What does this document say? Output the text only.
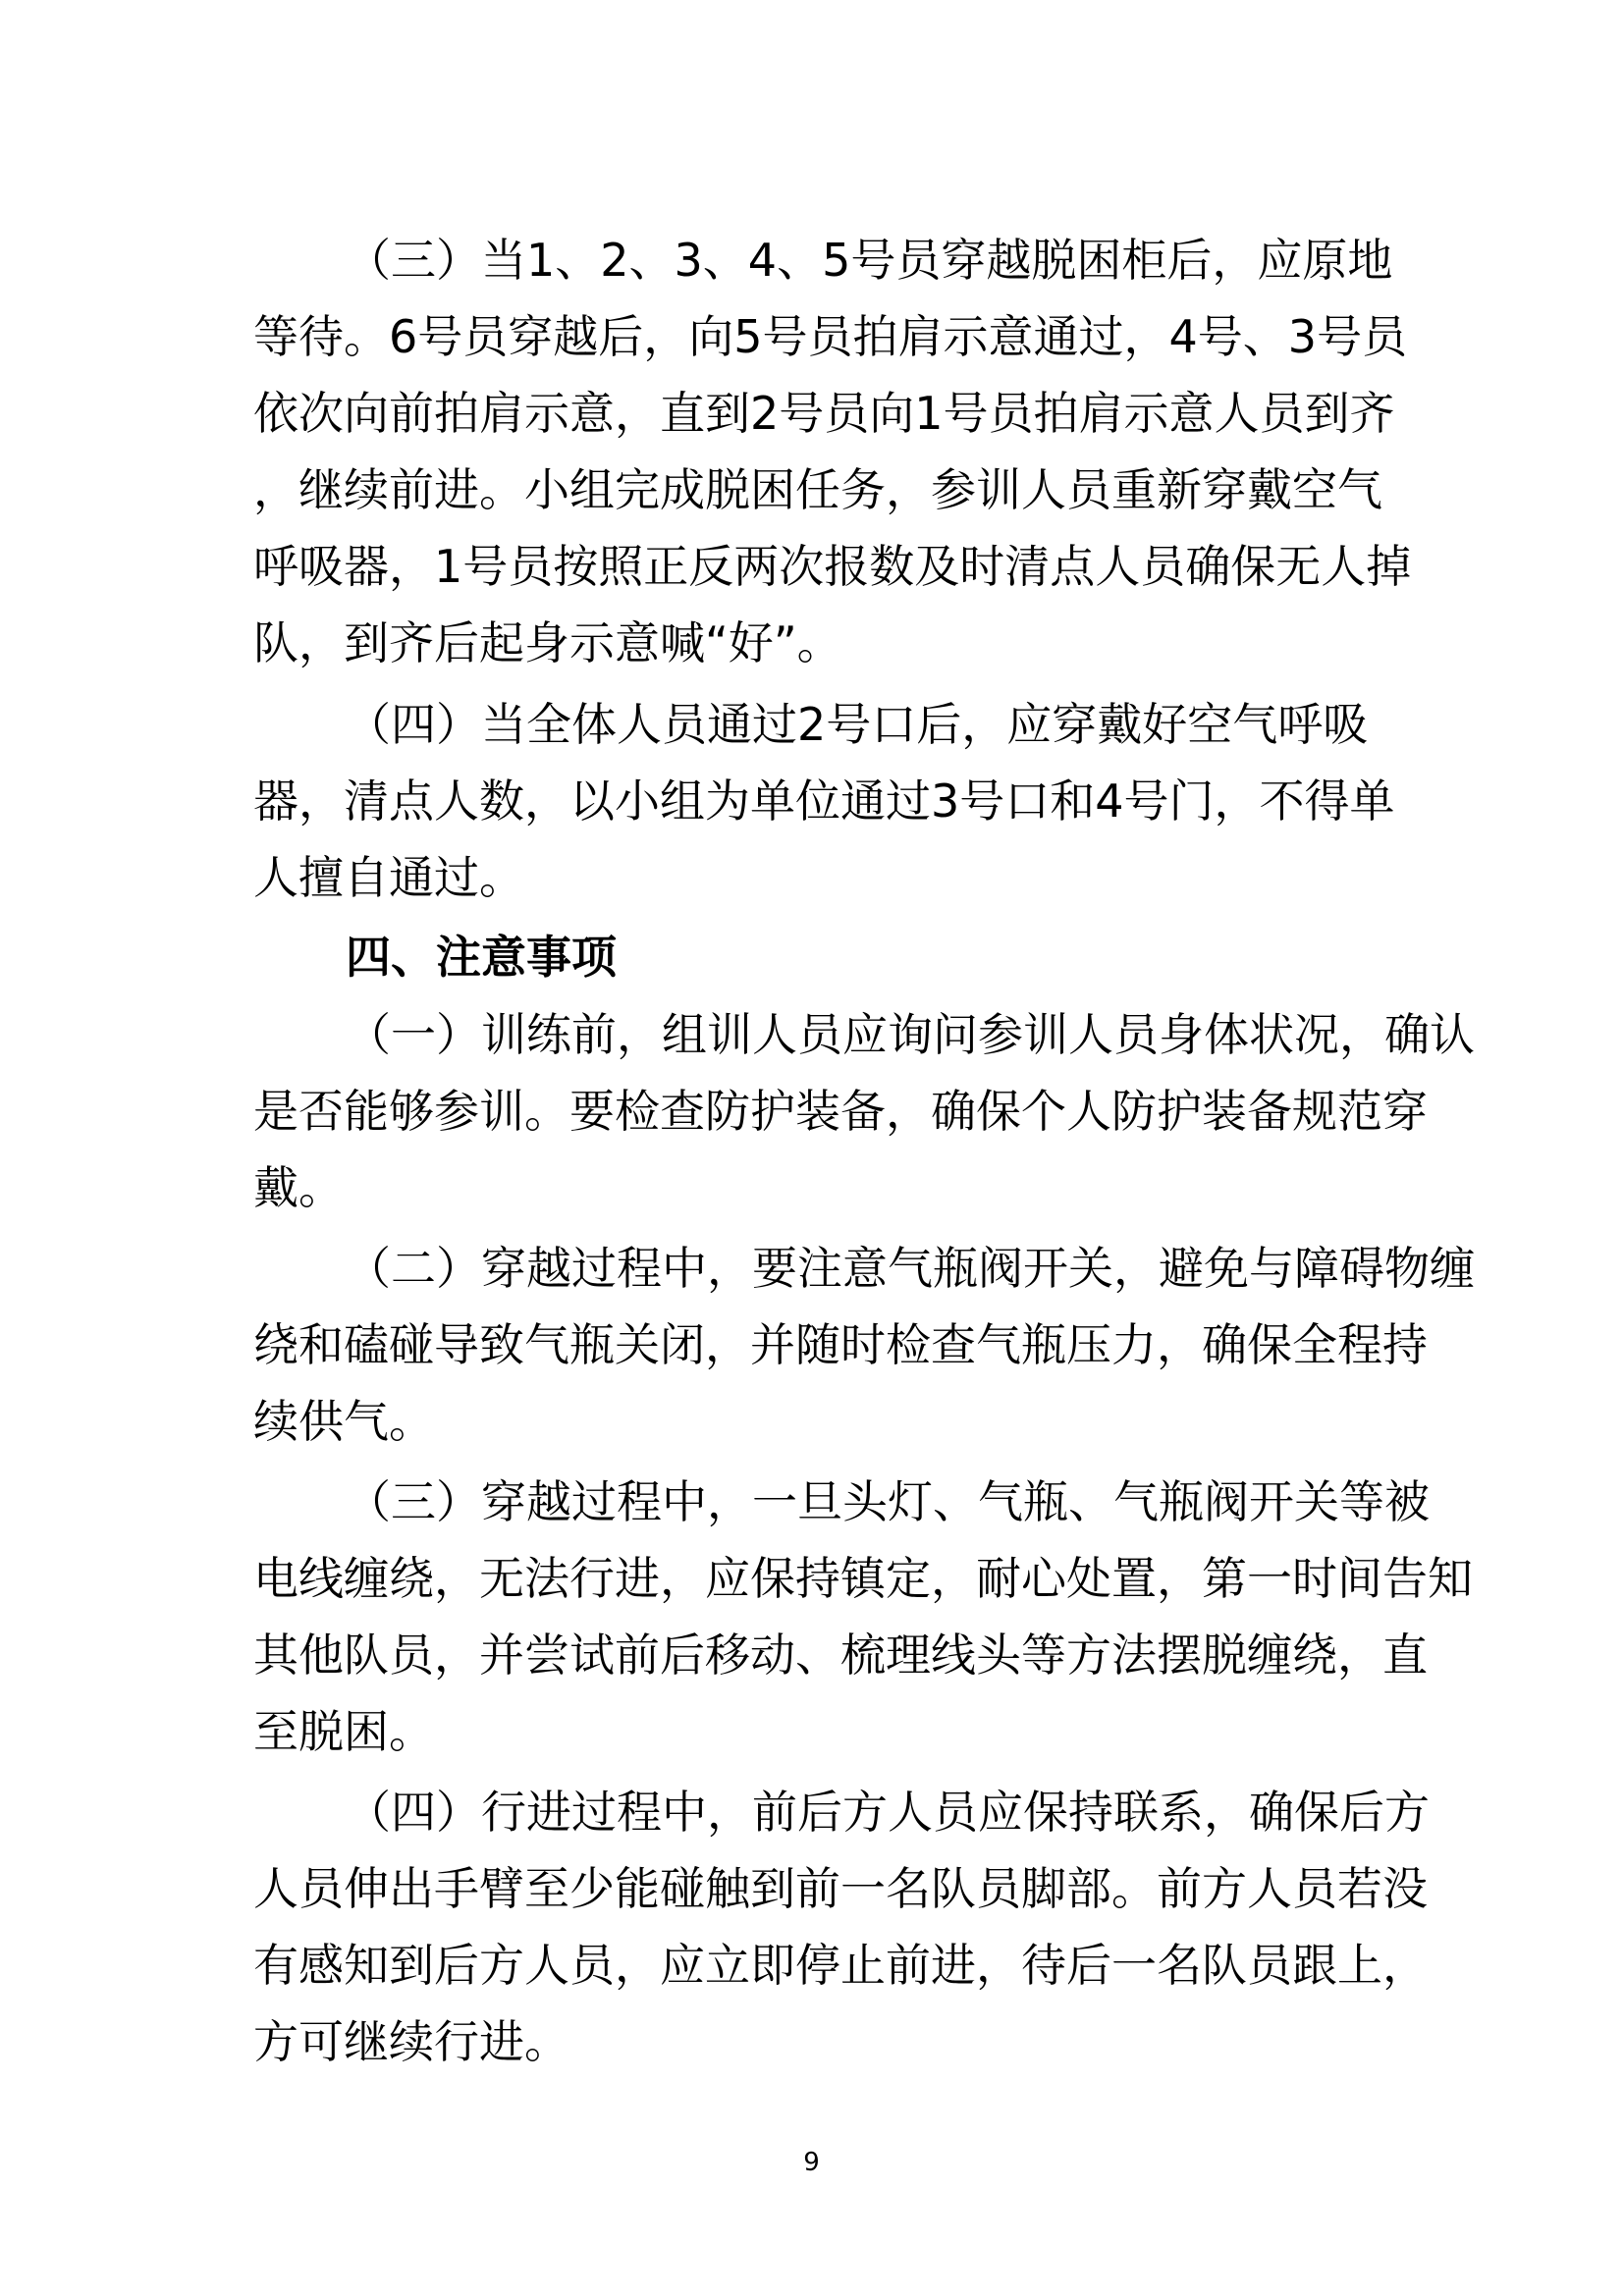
（三）当1、2、3、4、5号员穿越脱困柜后，应原地
等待。6号员穿越后，向5号员拍肩示意通过，4号、3号员
依次向前拍肩示意，直到2号员向1号员拍肩示意人员到齐
，继续前进。小组完成脱困任务，参训人员重新穿戴空气
呼吸器，1号员按照正反两次报数及时清点人员确保无人掉
队，到齐后起身示意喊“好”。
（四）当全体人员通过2号口后，应穿戴好空气呼吸
器，清点人数，以小组为单位通过3号口和4号门，不得单
人擅自通过。
四、注意事项
（一）训练前，组训人员应询问参训人员身体状况，确认
是否能够参训。要检查防护装备，确保个人防护装备规范穿
戴。
（二）穿越过程中，要注意气瓶阀开关，避免与障碍物缠
绕和磕碰导致气瓶关闭，并随时检查气瓶压力，确保全程持
续供气。
（三）穿越过程中，一旦头灯、气瓶、气瓶阀开关等被
电线缠绕，无法行进，应保持镇定，耐心处置，第一时间告知
其他队员，并尝试前后移动、梳理线头等方法摆脱缠绕，直
至脱困。
（四）行进过程中，前后方人员应保持联系，确保后方
人员伸出手臂至少能碰触到前一名队员脚部。前方人员若没
有感知到后方人员，应立即停止前进，待后一名队员跟上，
方可继续行进。
9
